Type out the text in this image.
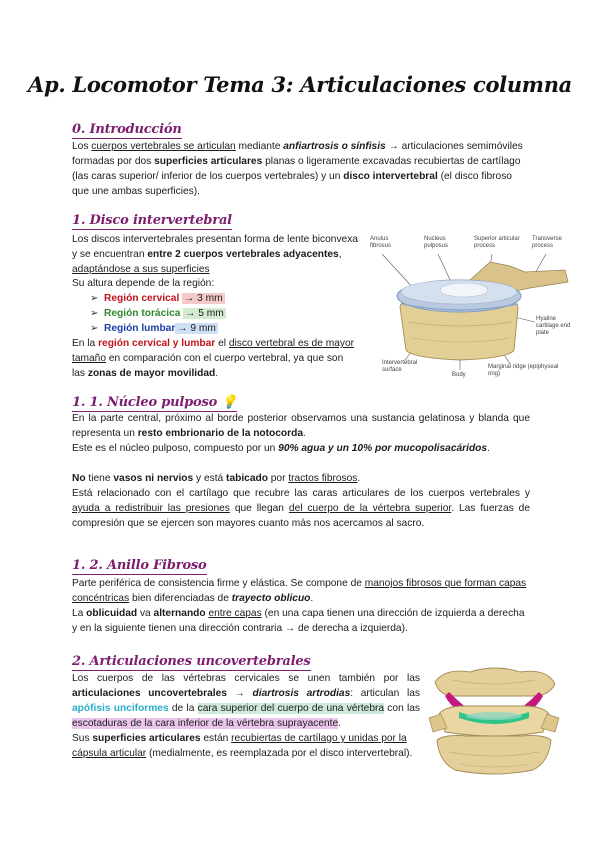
Ap. Locomotor Tema 3: Articulaciones columna
0. Introducción
Los cuerpos vertebrales se articulan mediante anfiartrosis o sínfisis → articulaciones semimóviles formadas por dos superficies articulares planas o ligeramente excavadas recubiertas de cartílago (las caras superior/ inferior de los cuerpos vertebrales) y un disco intervertebral (el disco fibroso que une ambas superficies).
1. Disco intervertebral
Los discos intervertebrales presentan forma de lente biconvexa y se encuentran entre 2 cuerpos vertebrales adyacentes, adaptándose a sus superficies
Su altura depende de la región:
➢ Región cervical → 3 mm
➢ Región torácica → 5 mm
➢ Región lumbar → 9 mm
En la región cervical y lumbar el disco vertebral es de mayor tamaño en comparación con el cuerpo vertebral, ya que son las zonas de mayor movilidad.
Anulus fibrosus
Nucleus pulposus
Superior articular process
Transverse process
Hyaline cartilage end plate
Intervertebral surface
Body
Marginal ridge (epiphyseal ring)
1. 1. Núcleo pulposo 💡
En la parte central, próximo al borde posterior observamos una sustancia gelatinosa y blanda que representa un resto embrionario de la notocorda.
Este es el núcleo pulposo, compuesto por un 90% agua y un 10% por mucopolisacáridos.
No tiene vasos ni nervios y está tabicado por tractos fibrosos.
Está relacionado con el cartílago que recubre las caras articulares de los cuerpos vertebrales y ayuda a redistribuir las presiones que llegan del cuerpo de la vértebra superior. Las fuerzas de compresión que se ejercen son mayores cuanto más nos acercamos al sacro.
1. 2. Anillo Fibroso
Parte periférica de consistencia firme y elástica. Se compone de manojos fibrosos que forman capas concéntricas bien diferenciadas de trayecto oblicuo.
La oblicuidad va alternando entre capas (en una capa tienen una dirección de izquierda a derecha y en la siguiente tienen una dirección contraria → de derecha a izquierda).
2. Articulaciones uncovertebrales
Los cuerpos de las vértebras cervicales se unen también por las articulaciones uncovertebrales → diartrosis artrodias: articulan las apófisis unciformes de la cara superior del cuerpo de una vértebra con las escotaduras de la cara inferior de la vértebra suprayacente.
Sus superficies articulares están recubiertas de cartílago y unidas por la cápsula articular (medialmente, es reemplazada por el disco intervertebral).
